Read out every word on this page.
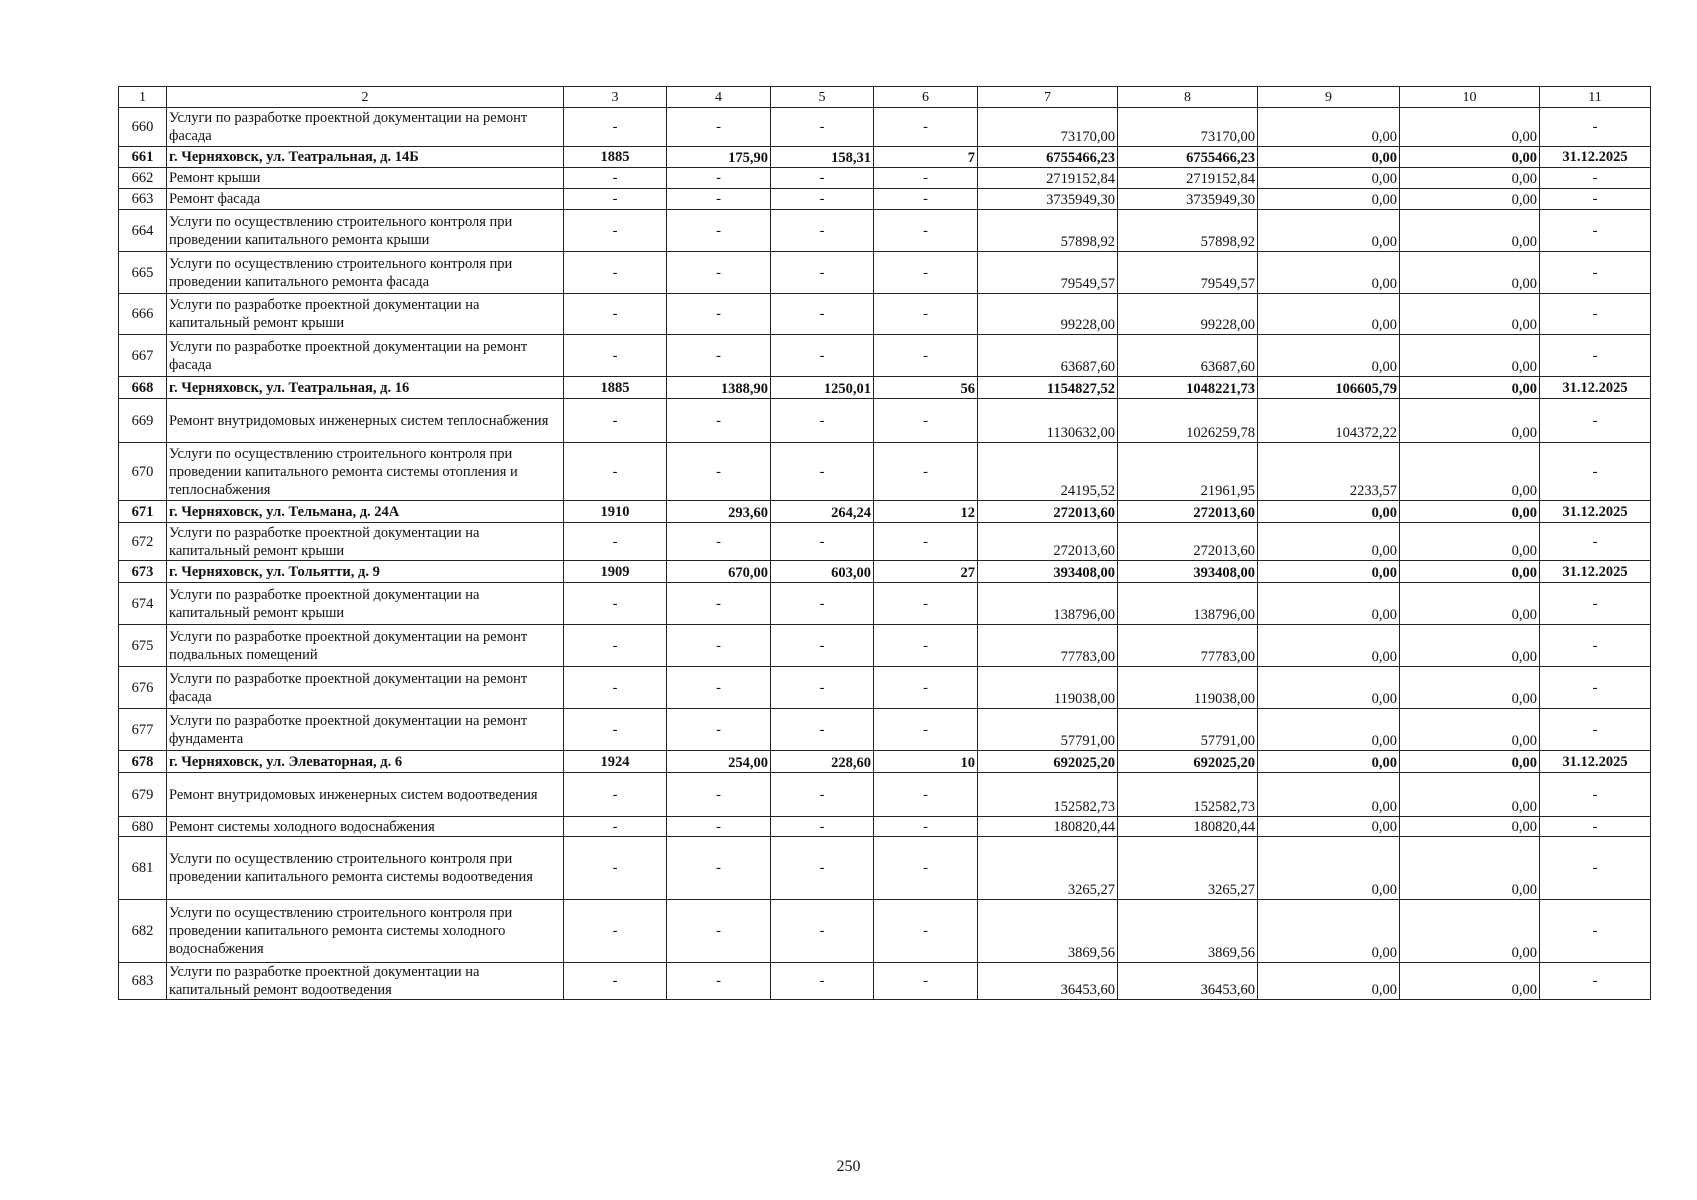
1	2	3	4	5	6	7	8	9	10	11
660	Услуги по разработке проектной документации на ремонт фасада	-	-	-	-	73170,00	73170,00	0,00	0,00	-
661	г. Черняховск, ул. Театральная, д. 14Б	1885	175,90	158,31	7	6755466,23	6755466,23	0,00	0,00	31.12.2025
662	Ремонт крыши	-	-	-	-	2719152,84	2719152,84	0,00	0,00	-
663	Ремонт фасада	-	-	-	-	3735949,30	3735949,30	0,00	0,00	-
664	Услуги по осуществлению строительного контроля при проведении капитального ремонта крыши	-	-	-	-	57898,92	57898,92	0,00	0,00	-
665	Услуги по осуществлению строительного контроля при проведении капитального ремонта фасада	-	-	-	-	79549,57	79549,57	0,00	0,00	-
666	Услуги по разработке проектной документации на капитальный ремонт крыши	-	-	-	-	99228,00	99228,00	0,00	0,00	-
667	Услуги по разработке проектной документации на ремонт фасада	-	-	-	-	63687,60	63687,60	0,00	0,00	-
668	г. Черняховск, ул. Театральная, д. 16	1885	1388,90	1250,01	56	1154827,52	1048221,73	106605,79	0,00	31.12.2025
669	Ремонт внутридомовых инженерных систем теплоснабжения	-	-	-	-	1130632,00	1026259,78	104372,22	0,00	-
670	Услуги по осуществлению строительного контроля при проведении капитального ремонта системы отопления и теплоснабжения	-	-	-	-	24195,52	21961,95	2233,57	0,00	-
671	г. Черняховск, ул. Тельмана, д. 24А	1910	293,60	264,24	12	272013,60	272013,60	0,00	0,00	31.12.2025
672	Услуги по разработке проектной документации на капитальный ремонт крыши	-	-	-	-	272013,60	272013,60	0,00	0,00	-
673	г. Черняховск, ул. Тольятти, д. 9	1909	670,00	603,00	27	393408,00	393408,00	0,00	0,00	31.12.2025
674	Услуги по разработке проектной документации на капитальный ремонт крыши	-	-	-	-	138796,00	138796,00	0,00	0,00	-
675	Услуги по разработке проектной документации на ремонт подвальных помещений	-	-	-	-	77783,00	77783,00	0,00	0,00	-
676	Услуги по разработке проектной документации на ремонт фасада	-	-	-	-	119038,00	119038,00	0,00	0,00	-
677	Услуги по разработке проектной документации на ремонт фундамента	-	-	-	-	57791,00	57791,00	0,00	0,00	-
678	г. Черняховск, ул. Элеваторная, д. 6	1924	254,00	228,60	10	692025,20	692025,20	0,00	0,00	31.12.2025
679	Ремонт внутридомовых инженерных систем водоотведения	-	-	-	-	152582,73	152582,73	0,00	0,00	-
680	Ремонт системы холодного водоснабжения	-	-	-	-	180820,44	180820,44	0,00	0,00	-
681	Услуги по осуществлению строительного контроля при проведении капитального ремонта системы водоотведения	-	-	-	-	3265,27	3265,27	0,00	0,00	-
682	Услуги по осуществлению строительного контроля при проведении капитального ремонта системы холодного водоснабжения	-	-	-	-	3869,56	3869,56	0,00	0,00	-
683	Услуги по разработке проектной документации на капитальный ремонт водоотведения	-	-	-	-	36453,60	36453,60	0,00	0,00	-
250
